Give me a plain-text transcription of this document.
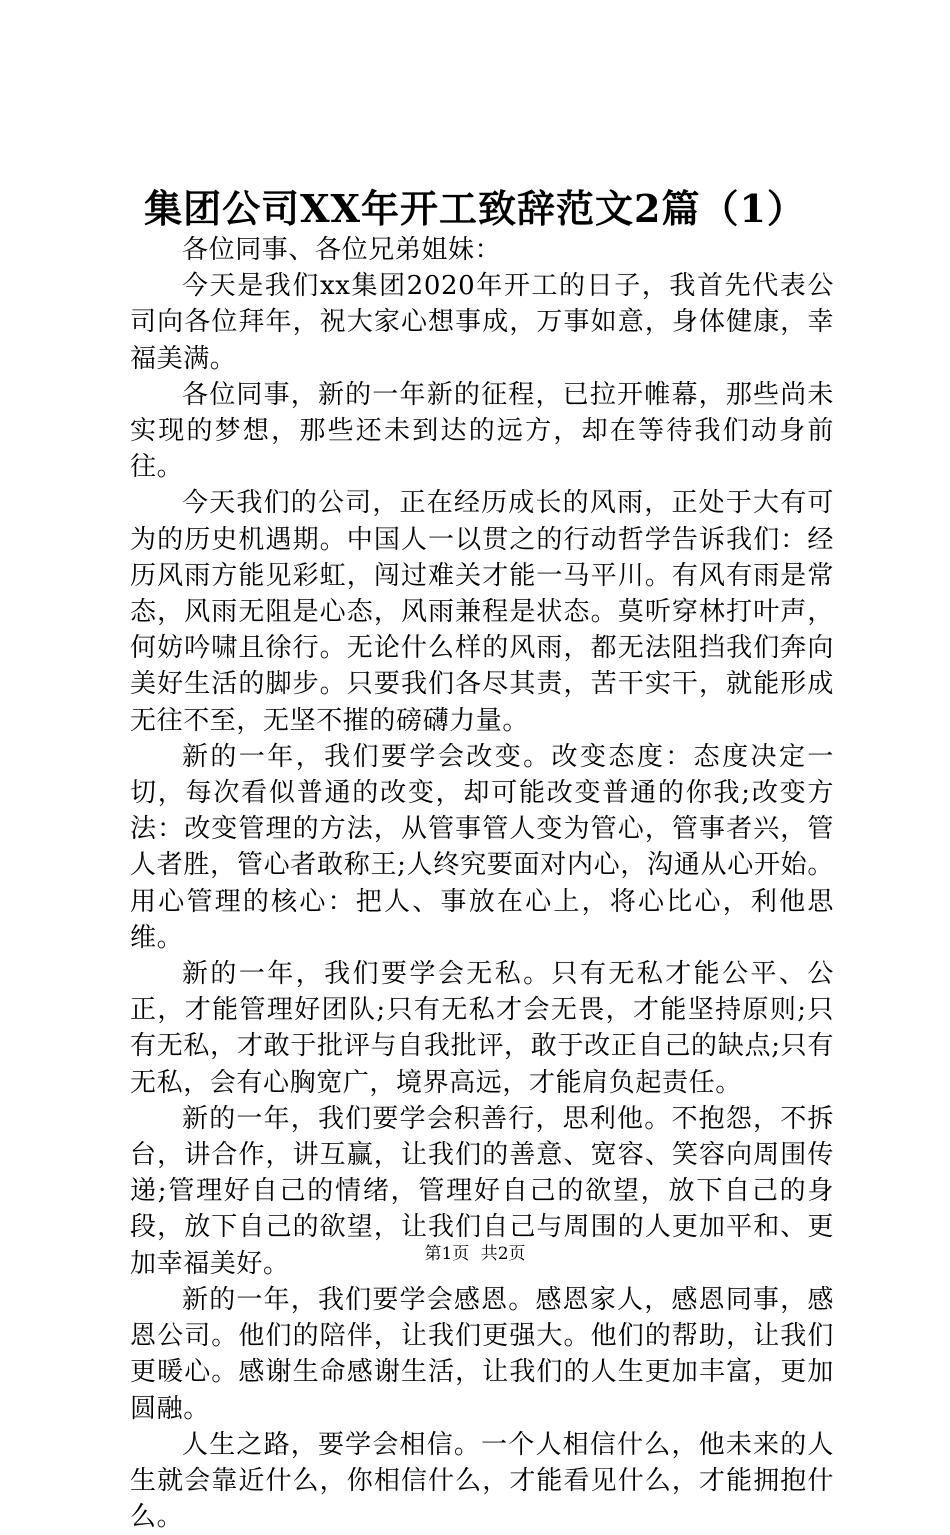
集团公司XX年开工致辞范文2篇（1）

各位同事、各位兄弟姐妹：

今天是我们xx集团2020年开工的日子，我首先代表公司向各位拜年，祝大家心想事成，万事如意，身体健康，幸福美满。

各位同事，新的一年新的征程，已拉开帷幕，那些尚未实现的梦想，那些还未到达的远方，却在等待我们动身前往。

今天我们的公司，正在经历成长的风雨，正处于大有可为的历史机遇期。中国人一以贯之的行动哲学告诉我们：经历风雨方能见彩虹，闯过难关才能一马平川。有风有雨是常态，风雨无阻是心态，风雨兼程是状态。莫听穿林打叶声，何妨吟啸且徐行。无论什么样的风雨，都无法阻挡我们奔向美好生活的脚步。只要我们各尽其责，苦干实干，就能形成无往不至，无坚不摧的磅礴力量。

新的一年，我们要学会改变。改变态度：态度决定一切，每次看似普通的改变，却可能改变普通的你我;改变方法：改变管理的方法，从管事管人变为管心，管事者兴，管人者胜，管心者敢称王;人终究要面对内心，沟通从心开始。用心管理的核心：把人、事放在心上，将心比心，利他思维。

新的一年，我们要学会无私。只有无私才能公平、公正，才能管理好团队;只有无私才会无畏，才能坚持原则;只有无私，才敢于批评与自我批评，敢于改正自己的缺点;只有无私，会有心胸宽广，境界高远，才能肩负起责任。

新的一年，我们要学会积善行，思利他。不抱怨，不拆台，讲合作，讲互赢，让我们的善意、宽容、笑容向周围传递;管理好自己的情绪，管理好自己的欲望，放下自己的身段，放下自己的欲望，让我们自己与周围的人更加平和、更加幸福美好。

新的一年，我们要学会感恩。感恩家人，感恩同事，感恩公司。他们的陪伴，让我们更强大。他们的帮助，让我们更暖心。感谢生命感谢生活，让我们的人生更加丰富，更加圆融。

人生之路，要学会相信。一个人相信什么，他未来的人生就会靠近什么，你相信什么，才能看见什么，才能拥抱什么。

第1页 共2页
